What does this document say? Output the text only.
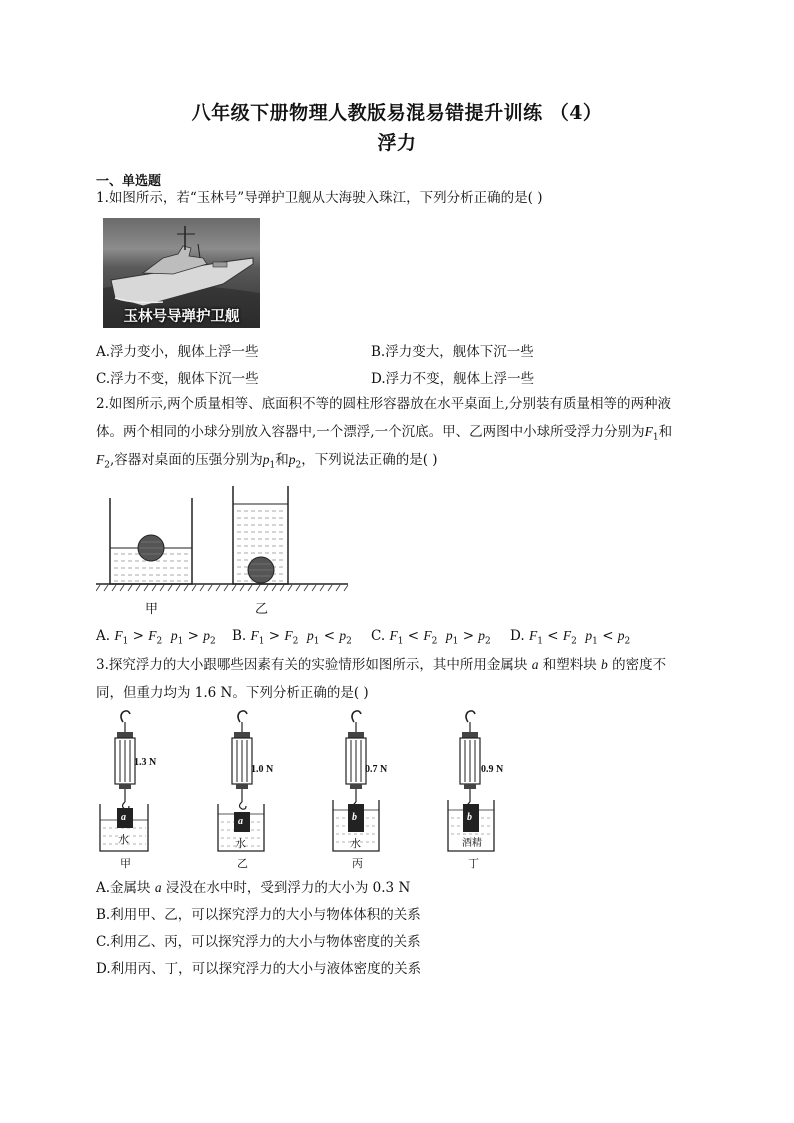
八年级下册物理人教版易混易错提升训练 （4）
浮力
一、单选题
1.如图所示，若“玉林号”导弹护卫舰从大海驶入珠江，下列分析正确的是( )
玉林号导弹护卫舰
A.浮力变小，舰体上浮一些	B.浮力变大，舰体下沉一些
C.浮力不变，舰体下沉一些	D.浮力不变，舰体上浮一些
2.如图所示,两个质量相等、底面积不等的圆柱形容器放在水平桌面上,分别装有质量相等的两种液
体。两个相同的小球分别放入容器中,一个漂浮,一个沉底。甲、乙两图中小球所受浮力分别为$F_1$和
$F_2$,容器对桌面的压强分别为$p_1$和$p_2$，下列说法正确的是( )
甲	乙
A. $F_1 > F_2$ $p_1 > p_2$ B. $F_1 > F_2$ $p_1 < p_2$ C. $F_1 < F_2$ $p_1 > p_2$ D. $F_1 < F_2$ $p_1 < p_2$
3.探究浮力的大小跟哪些因素有关的实验情形如图所示，其中所用金属块 a 和塑料块 b 的密度不
同，但重力均为 1.6 N。下列分析正确的是( )
1.3 N
1.0 N	0.7 N	0.9 N
a	a	b	b
水	水	水	酒精
甲	乙	丙	丁
A.金属块 a 浸没在水中时，受到浮力的大小为 0.3 N
B.利用甲、乙，可以探究浮力的大小与物体体积的关系
C.利用乙、丙，可以探究浮力的大小与物体密度的关系
D.利用丙、丁，可以探究浮力的大小与液体密度的关系
